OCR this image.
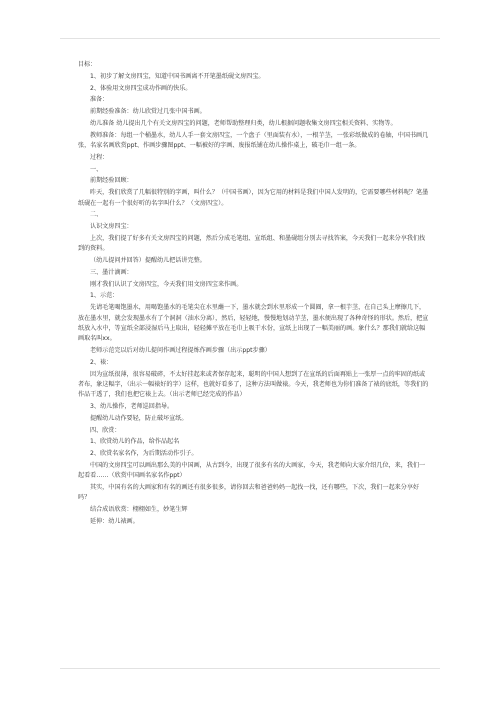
目标：

1、初步了解文房四宝，知道中国书画离不开笔墨纸砚文房四宝。

2、体验用文房四宝成功作画的快乐。

准备：

前期经验准备：幼儿欣赏过几张中国书画。

幼儿准备 幼儿提出几个有关文房四宝的问题，老师帮助整理归类，幼儿根据问题收集文房四宝相关资料、实物等。

教师准备：每组一个桶墨水，幼儿人手一套文房四宝，一个盘子（里面装有水），一根芋茎，一张彩纸做成的卷轴，中国书画几张，名家名画欣赏ppt、作画步骤图ppt、一幅被好的字画、废报纸铺在幼儿操作桌上，破毛巾一组一条。

过程：

一、

前期经验回顾：

昨天，我们欣赏了几幅很特别的字画，叫什么？（中国书画），因为它用的材料是我们中国人发明的，它需要哪些材料呢？笔墨纸砚在一起有一个很好听的名字叫什么？（文房四宝）。

二、

认识文房四宝：

上次，我们提了好多有关文房四宝的问题，然后分成毛笔组、宣纸组、和墨砚组分别去寻找答案，今天我们一起来分享我们找到的资料。

（幼儿提问并回答）提醒幼儿把话讲完整。

三、墨汁滴画：

刚才我们认识了文房四宝，今天我们用文房四宝来作画。

1、示范：

先请毛笔喝饱墨水，用喝饱墨水的毛笔尖在水里蘸一下，墨水就会到水里形成一个圆圈，拿一根芋茎，在自己头上摩擦几下，放在墨水里，就会发现墨水有了个洞洞（油水分离），然后，轻轻地，慢慢地划动芋茎，墨水便出现了各种奇怪的形状。然后，把宣纸放入水中，等宣纸全部浸湿后马上取出，轻轻摊平放在毛巾上吸干水份，宣纸上出现了一幅美丽的画。象什么？那我们就给这幅画取名叫xx。

老师示范完以后对幼儿提问作画过程提炼作画步骤（出示ppt步骤）

2、裱：

因为宣纸很薄，很容易破碎，不太好挂起来或者保存起来，聪明的中国人想到了在宣纸的后面再贴上一张厚一点的牢固的纸或者布，象这幅字，（出示一幅裱好的字）这样，也就好看多了，这种方法叫做裱。今天，我老师也为你们准备了裱的底纸，等我们的作品干透了，我们也把它裱上去。（出示老师已经完成的作品）

3、幼儿操作，老师巡回指导。

提醒幼儿动作要轻，防止破坏宣纸。

四、欣赏：

1、欣赏幼儿的作品，给作品起名

2、欣赏名家名作，为后期活动作引子。

中国的文房四宝可以画出那么美的中国画，从古到今，出现了很多有名的大画家，今天，我老师向大家介绍几位，来，我们一起看看……（欣赏中国画名家名作ppt）

其实，中国有名的大画家和有名的画还有很多很多，请你回去和爸爸妈妈一起找一找，还有哪些，下次，我们一起来分享好吗？

结合成语欣赏：栩栩如生，妙笔生辉

延伸：幼儿裱画。
